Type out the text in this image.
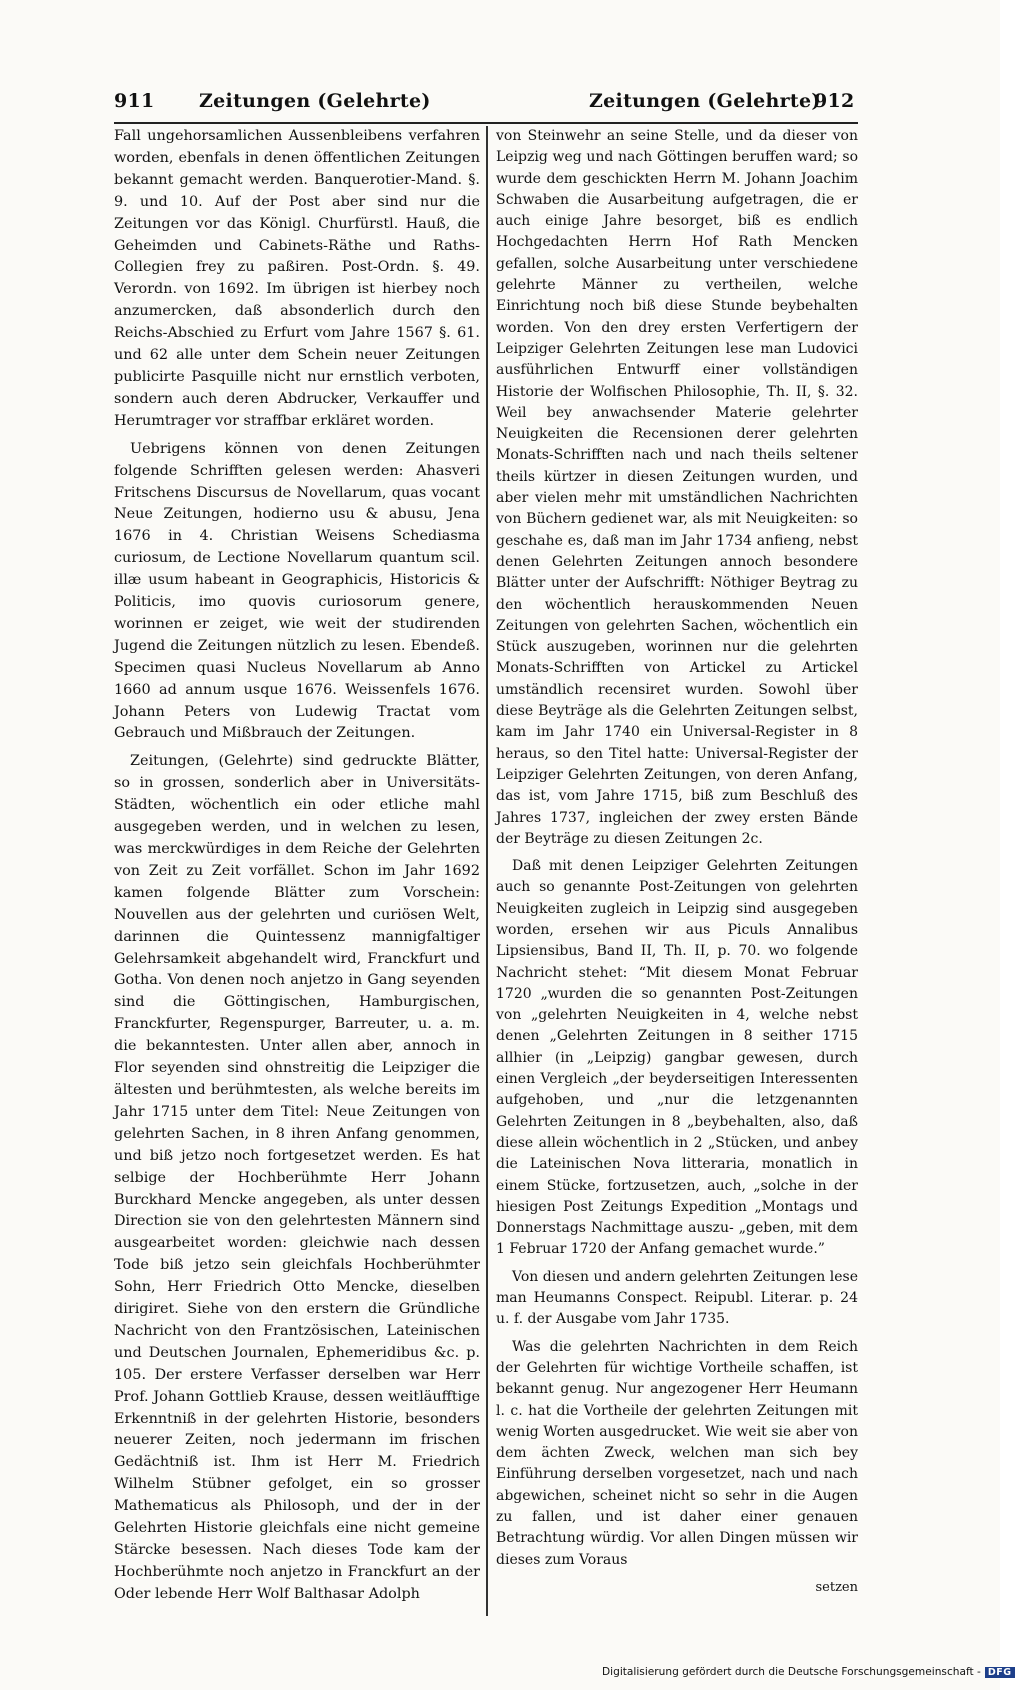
911 Zeitungen (Gelehrte)	Zeitungen (Gelehrte)
912

Fall ungehorsamlichen Aussenbleibens verfahren worden, ebenfals in denen öffentlichen Zeitungen bekannt gemacht werden. Banquerotier-Mand. §. 9. und 10. Auf der Post aber sind nur die Zeitungen vor das Königl. Churfürstl. Hauß, die Geheimden und Cabinets-Räthe und Raths-Collegien frey zu paßiren. Post-Ordn. §. 49. Verordn. von 1692. Im übrigen ist hierbey noch anzumercken, daß absonderlich durch den Reichs-Abschied zu Erfurt vom Jahre 1567 §. 61. und 62 alle unter dem Schein neuer Zeitungen publicirte Pasquille nicht nur ernstlich verboten, sondern auch deren Abdrucker, Verkauffer und Herumtrager vor straffbar erkläret worden.

Uebrigens können von denen Zeitungen folgende Schrifften gelesen werden: Ahasveri Fritschens Discursus de Novellarum, quas vocant Neue Zeitungen, hodierno usu & abusu, Jena 1676 in 4. Christian Weisens Schediasma curiosum, de Lectione Novellarum quantum scil. illæ usum habeant in Geographicis, Historicis & Politicis, imo quovis curiosorum genere, worinnen er zeiget, wie weit der studirenden Jugend die Zeitungen nützlich zu lesen. Ebendeß. Specimen quasi Nucleus Novellarum ab Anno 1660 ad annum usque 1676. Weissenfels 1676. Johann Peters von Ludewig Tractat vom Gebrauch und Mißbrauch der Zeitungen.

Zeitungen, (Gelehrte) sind gedruckte Blätter, so in grossen, sonderlich aber in Universitäts-Städten, wöchentlich ein oder etliche mahl ausgegeben werden, und in welchen zu lesen, was merckwürdiges in dem Reiche der Gelehrten von Zeit zu Zeit vorfället. Schon im Jahr 1692 kamen folgende Blätter zum Vorschein: Nouvellen aus der gelehrten und curiösen Welt, darinnen die Quintessenz mannigfaltiger Gelehrsamkeit abgehandelt wird, Franckfurt und Gotha. Von denen noch anjetzo in Gang seyenden sind die Göttingischen, Hamburgischen, Franckfurter, Regenspurger, Barreuter, u. a. m. die bekanntesten. Unter allen aber, annoch in Flor seyenden sind ohnstreitig die Leipziger die ältesten und berühmtesten, als welche bereits im Jahr 1715 unter dem Titel: Neue Zeitungen von gelehrten Sachen, in 8 ihren Anfang genommen, und biß jetzo noch fortgesetzet werden. Es hat selbige der Hochberühmte Herr Johann Burckhard Mencke angegeben, als unter dessen Direction sie von den gelehrtesten Männern sind ausgearbeitet worden: gleichwie nach dessen Tode biß jetzo sein gleichfals Hochberühmter Sohn, Herr Friedrich Otto Mencke, dieselben dirigiret. Siehe von den erstern die Gründliche Nachricht von den Frantzösischen, Lateinischen und Deutschen Journalen, Ephemeridibus &c. p. 105. Der erstere Verfasser derselben war Herr Prof. Johann Gottlieb Krause, dessen weitläufftige Erkenntniß in der gelehrten Historie, besonders neuerer Zeiten, noch jedermann im frischen Gedächtniß ist. Ihm ist Herr M. Friedrich Wilhelm Stübner gefolget, ein so grosser Mathematicus als Philosoph, und der in der Gelehrten Historie gleichfals eine nicht gemeine Stärcke besessen. Nach dieses Tode kam der Hochberühmte noch anjetzo in Franckfurt an der Oder lebende Herr Wolf Balthasar Adolph

von Steinwehr an seine Stelle, und da dieser von Leipzig weg und nach Göttingen beruffen ward; so wurde dem geschickten Herrn M. Johann Joachim Schwaben die Ausarbeitung aufgetragen, die er auch einige Jahre besorget, biß es endlich Hochgedachten Herrn Hof Rath Mencken gefallen, solche Ausarbeitung unter verschiedene gelehrte Männer zu vertheilen, welche Einrichtung noch biß diese Stunde beybehalten worden. Von den drey ersten Verfertigern der Leipziger Gelehrten Zeitungen lese man Ludovici ausführlichen Entwurff einer vollständigen Historie der Wolfischen Philosophie, Th. II, §. 32. Weil bey anwachsender Materie gelehrter Neuigkeiten die Recensionen derer gelehrten Monats-Schrifften nach und nach theils seltener theils kürtzer in diesen Zeitungen wurden, und aber vielen mehr mit umständlichen Nachrichten von Büchern gedienet war, als mit Neuigkeiten: so geschahe es, daß man im Jahr 1734 anfieng, nebst denen Gelehrten Zeitungen annoch besondere Blätter unter der Aufschrifft: Nöthiger Beytrag zu den wöchentlich herauskommenden Neuen Zeitungen von gelehrten Sachen, wöchentlich ein Stück auszugeben, worinnen nur die gelehrten Monats-Schrifften von Artickel zu Artickel umständlich recensiret wurden. Sowohl über diese Beyträge als die Gelehrten Zeitungen selbst, kam im Jahr 1740 ein Universal-Register in 8 heraus, so den Titel hatte: Universal-Register der Leipziger Gelehrten Zeitungen, von deren Anfang, das ist, vom Jahre 1715, biß zum Beschluß des Jahres 1737, ingleichen der zwey ersten Bände der Beyträge zu diesen Zeitungen 2c.

Daß mit denen Leipziger Gelehrten Zeitungen auch so genannte Post-Zeitungen von gelehrten Neuigkeiten zugleich in Leipzig sind ausgegeben worden, ersehen wir aus Piculs Annalibus Lipsiensibus, Band II, Th. II, p. 70. wo folgende Nachricht stehet: “Mit diesem Monat Februar 1720 „wurden die so genannten Post-Zeitungen von „gelehrten Neuigkeiten in 4, welche nebst denen „Gelehrten Zeitungen in 8 seither 1715 allhier (in „Leipzig) gangbar gewesen, durch einen Vergleich „der beyderseitigen Interessenten aufgehoben, und „nur die letzgenannten Gelehrten Zeitungen in 8 „beybehalten, also, daß diese allein wöchentlich in 2 „Stücken, und anbey die Lateinischen Nova litteraria, monatlich in einem Stücke, fortzusetzen, auch, „solche in der hiesigen Post Zeitungs Expedition „Montags und Donnerstags Nachmittage auszu- „geben, mit dem 1 Februar 1720 der Anfang gemachet wurde.”

Von diesen und andern gelehrten Zeitungen lese man Heumanns Conspect. Reipubl. Literar. p. 24 u. f. der Ausgabe vom Jahr 1735.

Was die gelehrten Nachrichten in dem Reich der Gelehrten für wichtige Vortheile schaffen, ist bekannt genug. Nur angezogener Herr Heumann l. c. hat die Vortheile der gelehrten Zeitungen mit wenig Worten ausgedrucket. Wie weit sie aber von dem ächten Zweck, welchen man sich bey Einführung derselben vorgesetzet, nach und nach abgewichen, scheinet nicht so sehr in die Augen zu fallen, und ist daher einer genauen Betrachtung würdig. Vor allen Dingen müssen wir dieses zum Voraus

setzen
Digitalisierung gefördert durch die Deutsche Forschungsgemeinschaft - DFG
